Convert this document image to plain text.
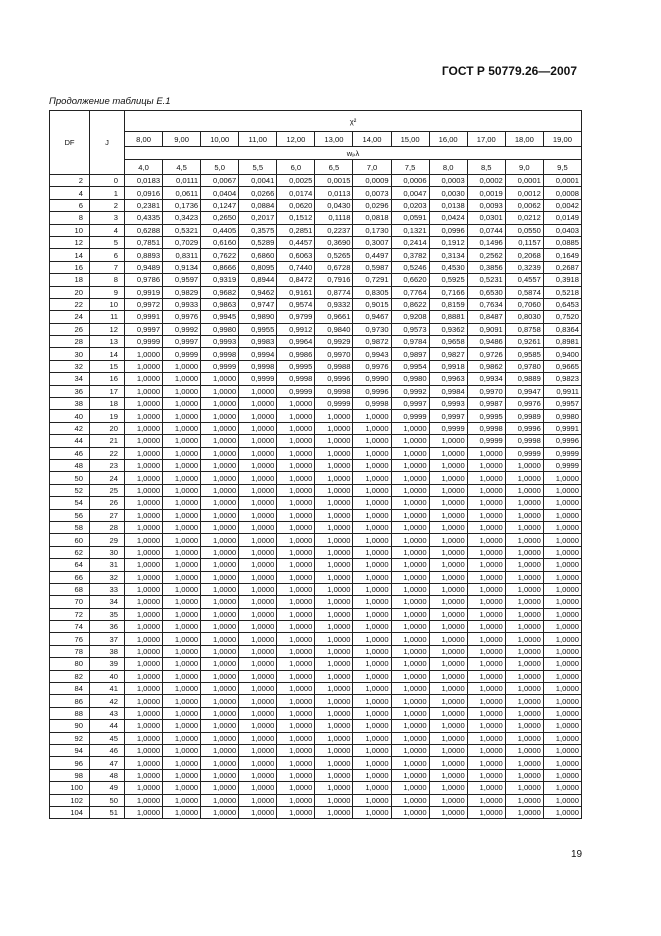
ГОСТ Р 50779.26—2007
Продолжение таблицы Е.1
DF	J	χ²											
		8,00	9,00	10,00	11,00	12,00	13,00	14,00	15,00	16,00	17,00	18,00	19,00
		wₚλ											
		4,0	4,5	5,0	5,5	6,0	6,5	7,0	7,5	8,0	8,5	9,0	9,5
2	0	0,0183	0,0111	0,0067	0,0041	0,0025	0,0015	0,0009	0,0006	0,0003	0,0002	0,0001	0,0001
4	1	0,0916	0,0611	0,0404	0,0266	0,0174	0,0113	0,0073	0,0047	0,0030	0,0019	0,0012	0,0008
6	2	0,2381	0,1736	0,1247	0,0884	0,0620	0,0430	0,0296	0,0203	0,0138	0,0093	0,0062	0,0042
8	3	0,4335	0,3423	0,2650	0,2017	0,1512	0,1118	0,0818	0,0591	0,0424	0,0301	0,0212	0,0149
10	4	0,6288	0,5321	0,4405	0,3575	0,2851	0,2237	0,1730	0,1321	0,0996	0,0744	0,0550	0,0403
12	5	0,7851	0,7029	0,6160	0,5289	0,4457	0,3690	0,3007	0,2414	0,1912	0,1496	0,1157	0,0885
14	6	0,8893	0,8311	0,7622	0,6860	0,6063	0,5265	0,4497	0,3782	0,3134	0,2562	0,2068	0,1649
16	7	0,9489	0,9134	0,8666	0,8095	0,7440	0,6728	0,5987	0,5246	0,4530	0,3856	0,3239	0,2687
18	8	0,9786	0,9597	0,9319	0,8944	0,8472	0,7916	0,7291	0,6620	0,5925	0,5231	0,4557	0,3918
20	9	0,9919	0,9829	0,9682	0,9462	0,9161	0,8774	0,8305	0,7764	0,7166	0,6530	0,5874	0,5218
22	10	0,9972	0,9933	0,9863	0,9747	0,9574	0,9332	0,9015	0,8622	0,8159	0,7634	0,7060	0,6453
24	11	0,9991	0,9976	0,9945	0,9890	0,9799	0,9661	0,9467	0,9208	0,8881	0,8487	0,8030	0,7520
26	12	0,9997	0,9992	0,9980	0,9955	0,9912	0,9840	0,9730	0,9573	0,9362	0,9091	0,8758	0,8364
28	13	0,9999	0,9997	0,9993	0,9983	0,9964	0,9929	0,9872	0,9784	0,9658	0,9486	0,9261	0,8981
30	14	1,0000	0,9999	0,9998	0,9994	0,9986	0,9970	0,9943	0,9897	0,9827	0,9726	0,9585	0,9400
32	15	1,0000	1,0000	0,9999	0,9998	0,9995	0,9988	0,9976	0,9954	0,9918	0,9862	0,9780	0,9665
34	16	1,0000	1,0000	1,0000	0,9999	0,9998	0,9996	0,9990	0,9980	0,9963	0,9934	0,9889	0,9823
36	17	1,0000	1,0000	1,0000	1,0000	0,9999	0,9998	0,9996	0,9992	0,9984	0,9970	0,9947	0,9911
38	18	1,0000	1,0000	1,0000	1,0000	1,0000	0,9999	0,9998	0,9997	0,9993	0,9987	0,9976	0,9957
40	19	1,0000	1,0000	1,0000	1,0000	1,0000	1,0000	1,0000	0,9999	0,9997	0,9995	0,9989	0,9980
42	20	1,0000	1,0000	1,0000	1,0000	1,0000	1,0000	1,0000	1,0000	0,9999	0,9998	0,9996	0,9991
44	21	1,0000	1,0000	1,0000	1,0000	1,0000	1,0000	1,0000	1,0000	1,0000	0,9999	0,9998	0,9996
46	22	1,0000	1,0000	1,0000	1,0000	1,0000	1,0000	1,0000	1,0000	1,0000	1,0000	0,9999	0,9999
48	23	1,0000	1,0000	1,0000	1,0000	1,0000	1,0000	1,0000	1,0000	1,0000	1,0000	1,0000	0,9999
50	24	1,0000	1,0000	1,0000	1,0000	1,0000	1,0000	1,0000	1,0000	1,0000	1,0000	1,0000	1,0000
52	25	1,0000	1,0000	1,0000	1,0000	1,0000	1,0000	1,0000	1,0000	1,0000	1,0000	1,0000	1,0000
54	26	1,0000	1,0000	1,0000	1,0000	1,0000	1,0000	1,0000	1,0000	1,0000	1,0000	1,0000	1,0000
56	27	1,0000	1,0000	1,0000	1,0000	1,0000	1,0000	1,0000	1,0000	1,0000	1,0000	1,0000	1,0000
58	28	1,0000	1,0000	1,0000	1,0000	1,0000	1,0000	1,0000	1,0000	1,0000	1,0000	1,0000	1,0000
60	29	1,0000	1,0000	1,0000	1,0000	1,0000	1,0000	1,0000	1,0000	1,0000	1,0000	1,0000	1,0000
62	30	1,0000	1,0000	1,0000	1,0000	1,0000	1,0000	1,0000	1,0000	1,0000	1,0000	1,0000	1,0000
64	31	1,0000	1,0000	1,0000	1,0000	1,0000	1,0000	1,0000	1,0000	1,0000	1,0000	1,0000	1,0000
66	32	1,0000	1,0000	1,0000	1,0000	1,0000	1,0000	1,0000	1,0000	1,0000	1,0000	1,0000	1,0000
68	33	1,0000	1,0000	1,0000	1,0000	1,0000	1,0000	1,0000	1,0000	1,0000	1,0000	1,0000	1,0000
70	34	1,0000	1,0000	1,0000	1,0000	1,0000	1,0000	1,0000	1,0000	1,0000	1,0000	1,0000	1,0000
72	35	1,0000	1,0000	1,0000	1,0000	1,0000	1,0000	1,0000	1,0000	1,0000	1,0000	1,0000	1,0000
74	36	1,0000	1,0000	1,0000	1,0000	1,0000	1,0000	1,0000	1,0000	1,0000	1,0000	1,0000	1,0000
76	37	1,0000	1,0000	1,0000	1,0000	1,0000	1,0000	1,0000	1,0000	1,0000	1,0000	1,0000	1,0000
78	38	1,0000	1,0000	1,0000	1,0000	1,0000	1,0000	1,0000	1,0000	1,0000	1,0000	1,0000	1,0000
80	39	1,0000	1,0000	1,0000	1,0000	1,0000	1,0000	1,0000	1,0000	1,0000	1,0000	1,0000	1,0000
82	40	1,0000	1,0000	1,0000	1,0000	1,0000	1,0000	1,0000	1,0000	1,0000	1,0000	1,0000	1,0000
84	41	1,0000	1,0000	1,0000	1,0000	1,0000	1,0000	1,0000	1,0000	1,0000	1,0000	1,0000	1,0000
86	42	1,0000	1,0000	1,0000	1,0000	1,0000	1,0000	1,0000	1,0000	1,0000	1,0000	1,0000	1,0000
88	43	1,0000	1,0000	1,0000	1,0000	1,0000	1,0000	1,0000	1,0000	1,0000	1,0000	1,0000	1,0000
90	44	1,0000	1,0000	1,0000	1,0000	1,0000	1,0000	1,0000	1,0000	1,0000	1,0000	1,0000	1,0000
92	45	1,0000	1,0000	1,0000	1,0000	1,0000	1,0000	1,0000	1,0000	1,0000	1,0000	1,0000	1,0000
94	46	1,0000	1,0000	1,0000	1,0000	1,0000	1,0000	1,0000	1,0000	1,0000	1,0000	1,0000	1,0000
96	47	1,0000	1,0000	1,0000	1,0000	1,0000	1,0000	1,0000	1,0000	1,0000	1,0000	1,0000	1,0000
98	48	1,0000	1,0000	1,0000	1,0000	1,0000	1,0000	1,0000	1,0000	1,0000	1,0000	1,0000	1,0000
100	49	1,0000	1,0000	1,0000	1,0000	1,0000	1,0000	1,0000	1,0000	1,0000	1,0000	1,0000	1,0000
102	50	1,0000	1,0000	1,0000	1,0000	1,0000	1,0000	1,0000	1,0000	1,0000	1,0000	1,0000	1,0000
104	51	1,0000	1,0000	1,0000	1,0000	1,0000	1,0000	1,0000	1,0000	1,0000	1,0000	1,0000	1,0000
19
